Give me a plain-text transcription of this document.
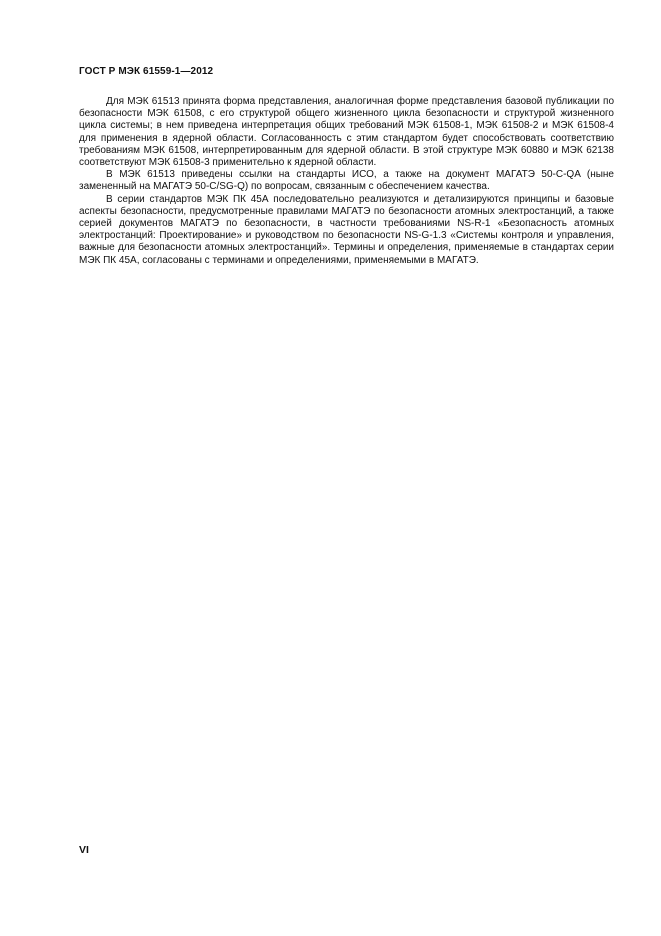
ГОСТ Р МЭК 61559-1—2012

Для МЭК 61513 принята форма представления, аналогичная форме представления базовой публикации по безопасности МЭК 61508, с его структурой общего жизненного цикла безопасности и структурой жизненного цикла системы; в нем приведена интерпретация общих требований МЭК 61508-1, МЭК 61508-2 и МЭК 61508-4 для применения в ядерной области. Согласованность с этим стандартом будет способствовать соответствию требованиям МЭК 61508, интерпретированным для ядерной области. В этой структуре МЭК 60880 и МЭК 62138 соответствуют МЭК 61508-3 применительно к ядерной области.

В МЭК 61513 приведены ссылки на стандарты ИСО, а также на документ МАГАТЭ 50-C-QA (ныне замененный на МАГАТЭ 50-C/SG-Q) по вопросам, связанным с обеспечением качества.

В серии стандартов МЭК ПК 45А последовательно реализуются и детализируются принципы и базовые аспекты безопасности, предусмотренные правилами МАГАТЭ по безопасности атомных электростанций, а также серией документов МАГАТЭ по безопасности, в частности требованиями NS-R-1 «Безопасность атомных электростанций: Проектирование» и руководством по безопасности NS-G-1.3 «Системы контроля и управления, важные для безопасности атомных электростанций». Термины и определения, применяемые в стандартах серии МЭК ПК 45А, согласованы с терминами и определениями, применяемыми в МАГАТЭ.

VI
